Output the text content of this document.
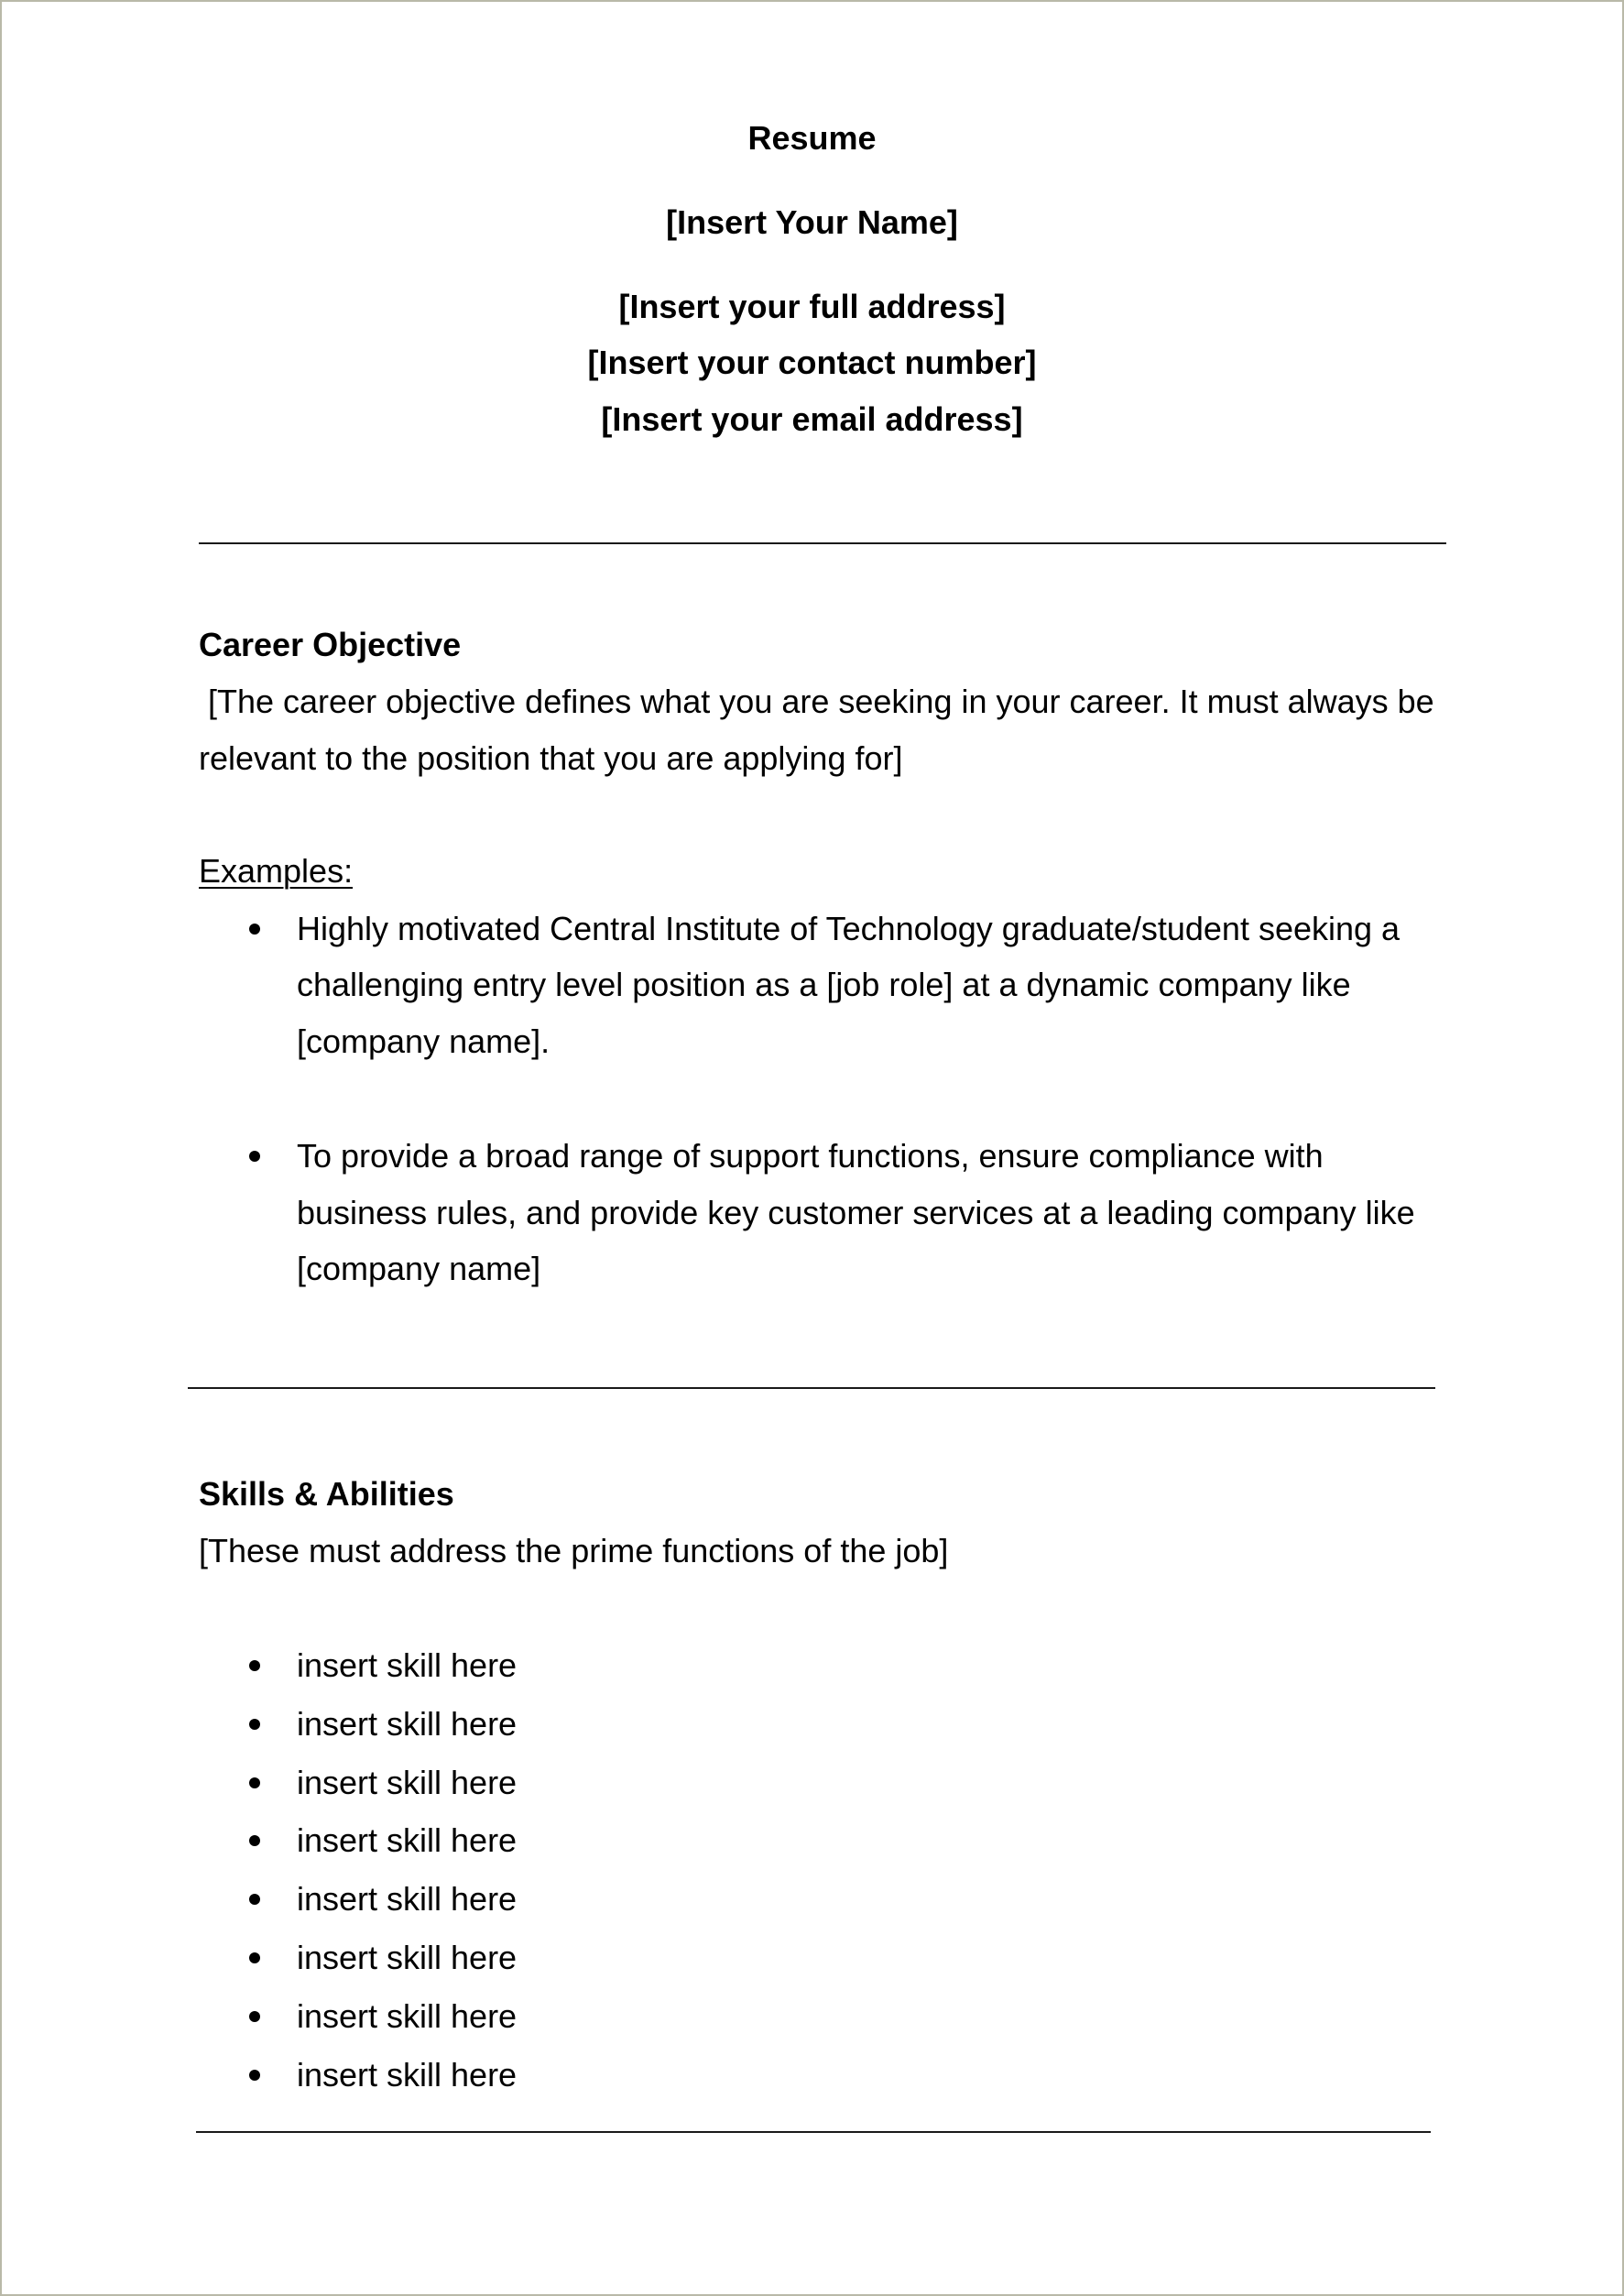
Resume
[Insert Your Name]
[Insert your full address]
[Insert your contact number]
[Insert your email address]
Career Objective
[The career objective defines what you are seeking in your career. It must always be
relevant to the position that you are applying for]
Examples:
Highly motivated Central Institute of Technology graduate/student seeking a
challenging entry level position as a [job role] at a dynamic company like
[company name].
To provide a broad range of support functions, ensure compliance with
business rules, and provide key customer services at a leading company like
[company name]
Skills & Abilities
[These must address the prime functions of the job]
insert skill here
insert skill here
insert skill here
insert skill here
insert skill here
insert skill here
insert skill here
insert skill here
